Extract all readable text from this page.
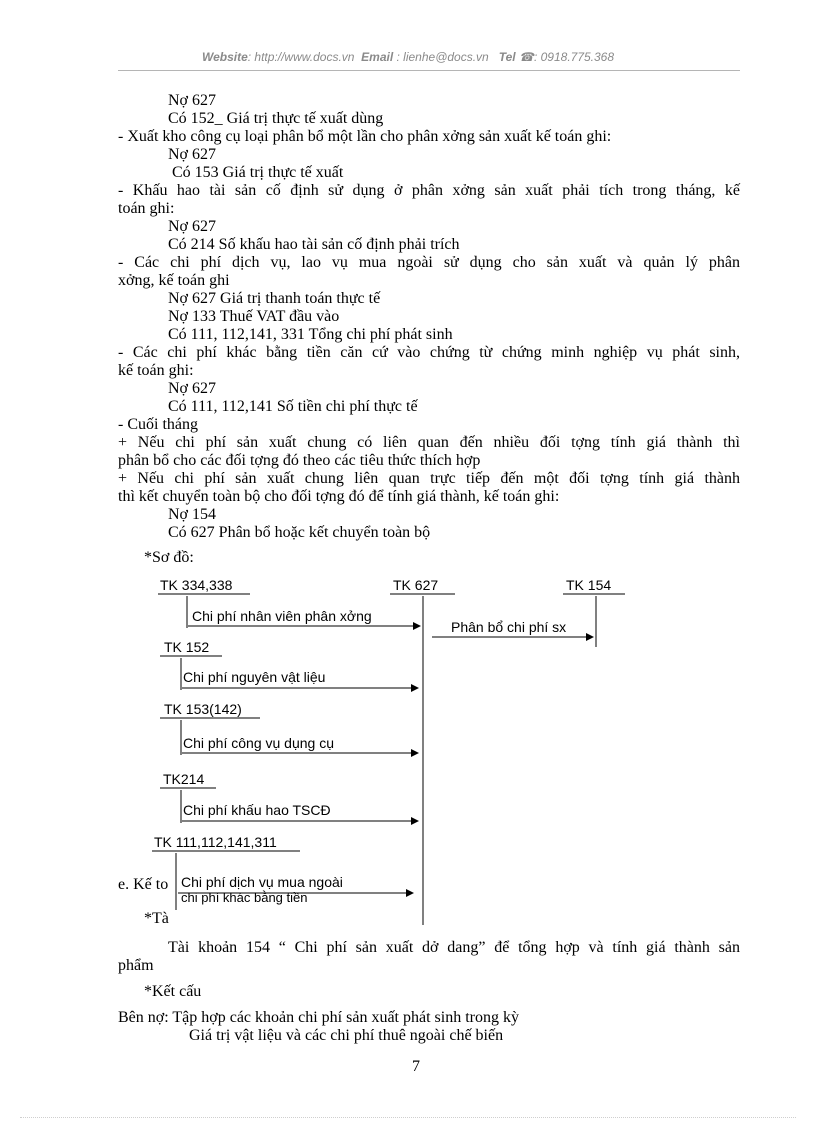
Website: http://www.docs.vn Email : lienhe@docs.vn Tel ☎: 0918.775.368
Nợ 627
Có 152_ Giá trị thực tế xuất dùng
- Xuất kho công cụ loại phân bổ một lần cho phân xởng sản xuất kế toán ghi:
Nợ 627
Có 153 Giá trị thực tế xuất
- Khấu hao tài sản cố định sử dụng ở phân xởng sản xuất phải tích trong tháng, kế
toán ghi:
Nợ 627
Có 214 Số khấu hao tài sản cố định phải trích
- Các chi phí dịch vụ, lao vụ mua ngoài sử dụng cho sản xuất và quản lý phân
xởng, kế toán ghi
Nợ 627 Giá trị thanh toán thực tế
Nợ 133 Thuế VAT đầu vào
Có 111, 112,141, 331 Tổng chi phí phát sinh
- Các chi phí khác bằng tiền căn cứ vào chứng từ chứng minh nghiệp vụ phát sinh,
kế toán ghi:
Nợ 627
Có 111, 112,141 Số tiền chi phí thực tế
- Cuối tháng
+ Nếu chi phí sản xuất chung có liên quan đến nhiều đối tợng tính giá thành thì
phân bổ cho các đối tợng đó theo các tiêu thức thích hợp
+ Nếu chi phí sản xuất chung liên quan trực tiếp đến một đối tợng tính giá thành
thì kết chuyển toàn bộ cho đối tợng đó để tính giá thành, kế toán ghi:
Nợ 154
Có 627 Phân bổ hoặc kết chuyển toàn bộ
*Sơ đồ:
TK 334,338	TK 627	TK 154
Chi phí nhân viên phân xởng
Phân bổ chi phí sx
TK 152
Chi phí nguyên vật liệu
TK 153(142)
Chi phí công vụ dụng cụ
TK214
Chi phí khấu hao TSCĐ
TK 111,112,141,311
Chi phí dịch vụ mua ngoài
chi phí khác bằng tiền
e. Kế to
*Tà
Tài khoản 154 “ Chi phí sản xuất dở dang” để tổng hợp và tính giá thành sản
phẩm
*Kết cấu
Bên nợ: Tập hợp các khoản chi phí sản xuất phát sinh trong kỳ
Giá trị vật liệu và các chi phí thuê ngoài chế biến
7
